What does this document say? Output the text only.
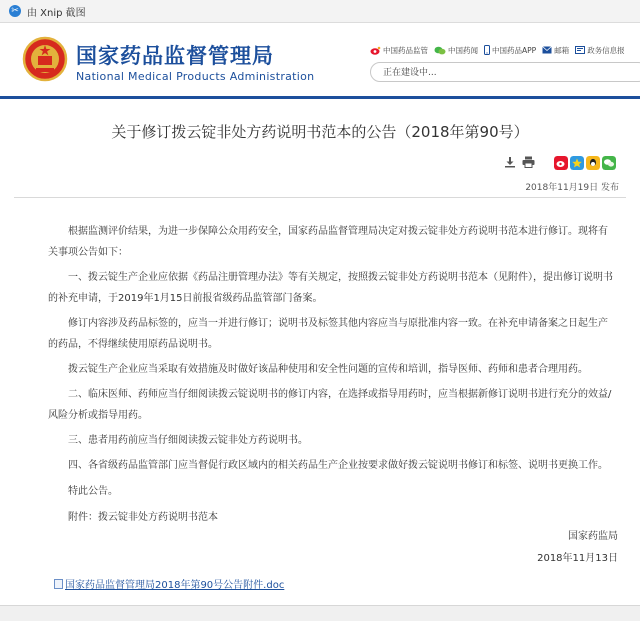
✂ 由 Xnip 截图
国家药品监督管理局
National Medical Products Administration
中国药品监管	中国药闻 中国药品APP 邮箱 政务信息报
正在建设中...
关于修订拨云锭非处方药说明书范本的公告（2018年第90号）
2018年11月19日 发布

根据监测评价结果，为进一步保障公众用药安全，国家药品监督管理局决定对拨云锭非处方药说明书范本进行修订。现将有关事项公告如下：

一、拨云锭生产企业应依据《药品注册管理办法》等有关规定，按照拨云锭非处方药说明书范本（见附件），提出修订说明书的补充申请，于2019年1月15日前报省级药品监管部门备案。

修订内容涉及药品标签的，应当一并进行修订；说明书及标签其他内容应当与原批准内容一致。在补充申请备案之日起生产的药品，不得继续使用原药品说明书。

拨云锭生产企业应当采取有效措施及时做好该品种使用和安全性问题的宣传和培训，指导医师、药师和患者合理用药。

二、临床医师、药师应当仔细阅读拨云锭说明书的修订内容，在选择或指导用药时，应当根据新修订说明书进行充分的效益/风险分析或指导用药。

三、患者用药前应当仔细阅读拨云锭非处方药说明书。

四、各省级药品监管部门应当督促行政区域内的相关药品生产企业按要求做好拨云锭说明书修订和标签、说明书更换工作。

特此公告。

附件：拨云锭非处方药说明书范本

国家药监局
2018年11月13日
国家药品监督管理局2018年第90号公告附件.doc
